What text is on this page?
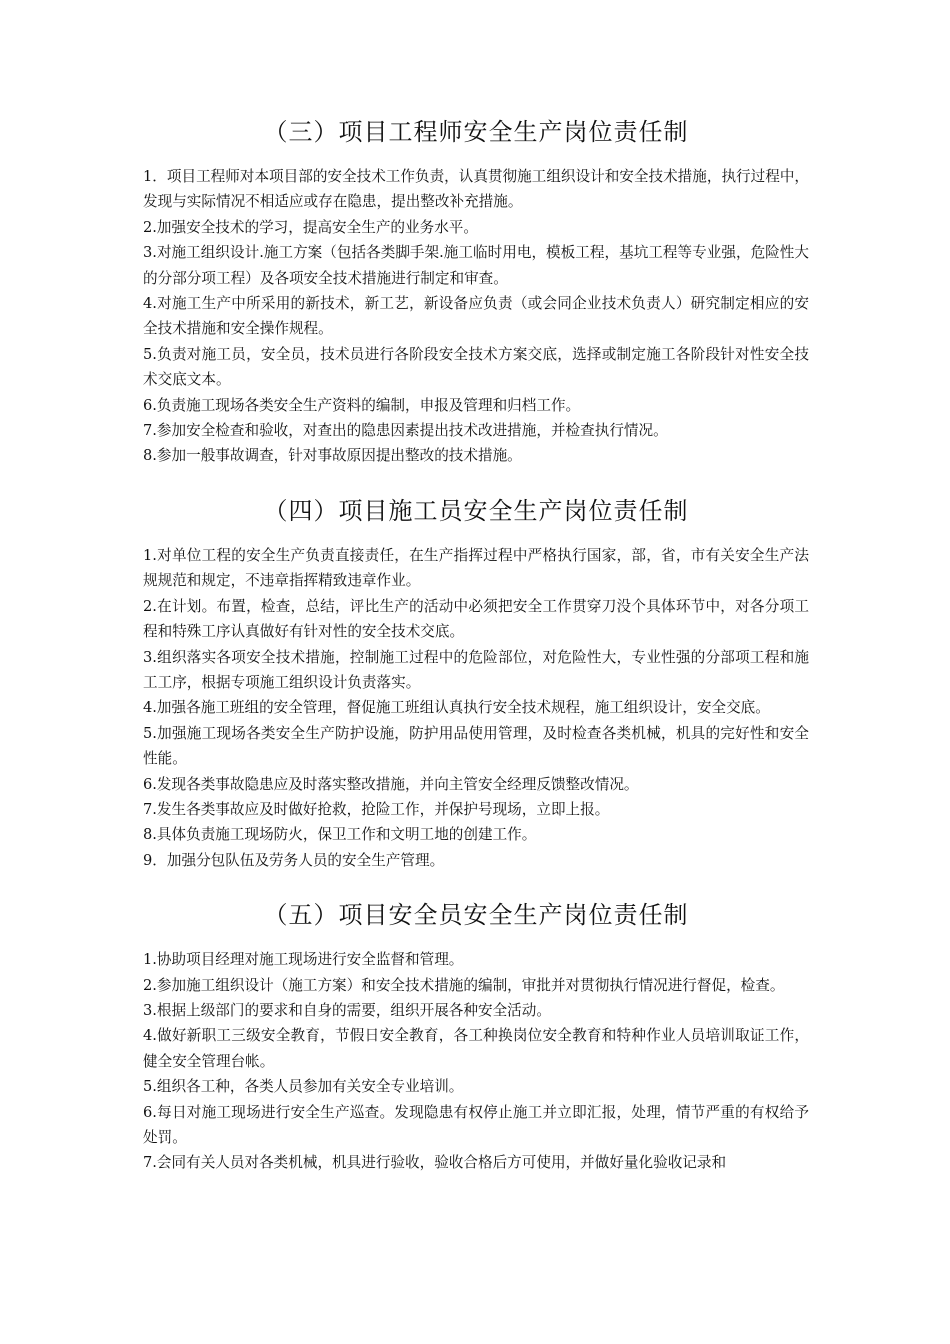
（三）项目工程师安全生产岗位责任制

1．项目工程师对本项目部的安全技术工作负责，认真贯彻施工组织设计和安全技术措施，执行过程中，发现与实际情况不相适应或存在隐患，提出整改补充措施。

2.加强安全技术的学习，提高安全生产的业务水平。

3.对施工组织设计.施工方案（包括各类脚手架.施工临时用电，模板工程，基坑工程等专业强，危险性大的分部分项工程）及各项安全技术措施进行制定和审查。

4.对施工生产中所采用的新技术，新工艺，新设备应负责（或会同企业技术负责人）研究制定相应的安全技术措施和安全操作规程。

5.负责对施工员，安全员，技术员进行各阶段安全技术方案交底，选择或制定施工各阶段针对性安全技术交底文本。

6.负责施工现场各类安全生产资料的编制，申报及管理和归档工作。

7.参加安全检查和验收，对查出的隐患因素提出技术改进措施，并检查执行情况。

8.参加一般事故调查，针对事故原因提出整改的技术措施。

（四）项目施工员安全生产岗位责任制

1.对单位工程的安全生产负责直接责任，在生产指挥过程中严格执行国家，部，省，市有关安全生产法规规范和规定，不违章指挥精致违章作业。

2.在计划。布置，检查，总结，评比生产的活动中必须把安全工作贯穿刀没个具体环节中，对各分项工程和特殊工序认真做好有针对性的安全技术交底。

3.组织落实各项安全技术措施，控制施工过程中的危险部位，对危险性大，专业性强的分部项工程和施工工序，根据专项施工组织设计负责落实。

4.加强各施工班组的安全管理，督促施工班组认真执行安全技术规程，施工组织设计，安全交底。

5.加强施工现场各类安全生产防护设施，防护用品使用管理，及时检查各类机械，机具的完好性和安全性能。

6.发现各类事故隐患应及时落实整改措施，并向主管安全经理反馈整改情况。

7.发生各类事故应及时做好抢救，抢险工作，并保护号现场，立即上报。

8.具体负责施工现场防火，保卫工作和文明工地的创建工作。

9．加强分包队伍及劳务人员的安全生产管理。

（五）项目安全员安全生产岗位责任制

1.协助项目经理对施工现场进行安全监督和管理。

2.参加施工组织设计（施工方案）和安全技术措施的编制，审批并对贯彻执行情况进行督促，检查。

3.根据上级部门的要求和自身的需要，组织开展各种安全活动。

4.做好新职工三级安全教育，节假日安全教育，各工种换岗位安全教育和特种作业人员培训取证工作，健全安全管理台帐。

5.组织各工种，各类人员参加有关安全专业培训。

6.每日对施工现场进行安全生产巡查。发现隐患有权停止施工并立即汇报，处理，情节严重的有权给予处罚。

7.会同有关人员对各类机械，机具进行验收，验收合格后方可使用，并做好量化验收记录和
